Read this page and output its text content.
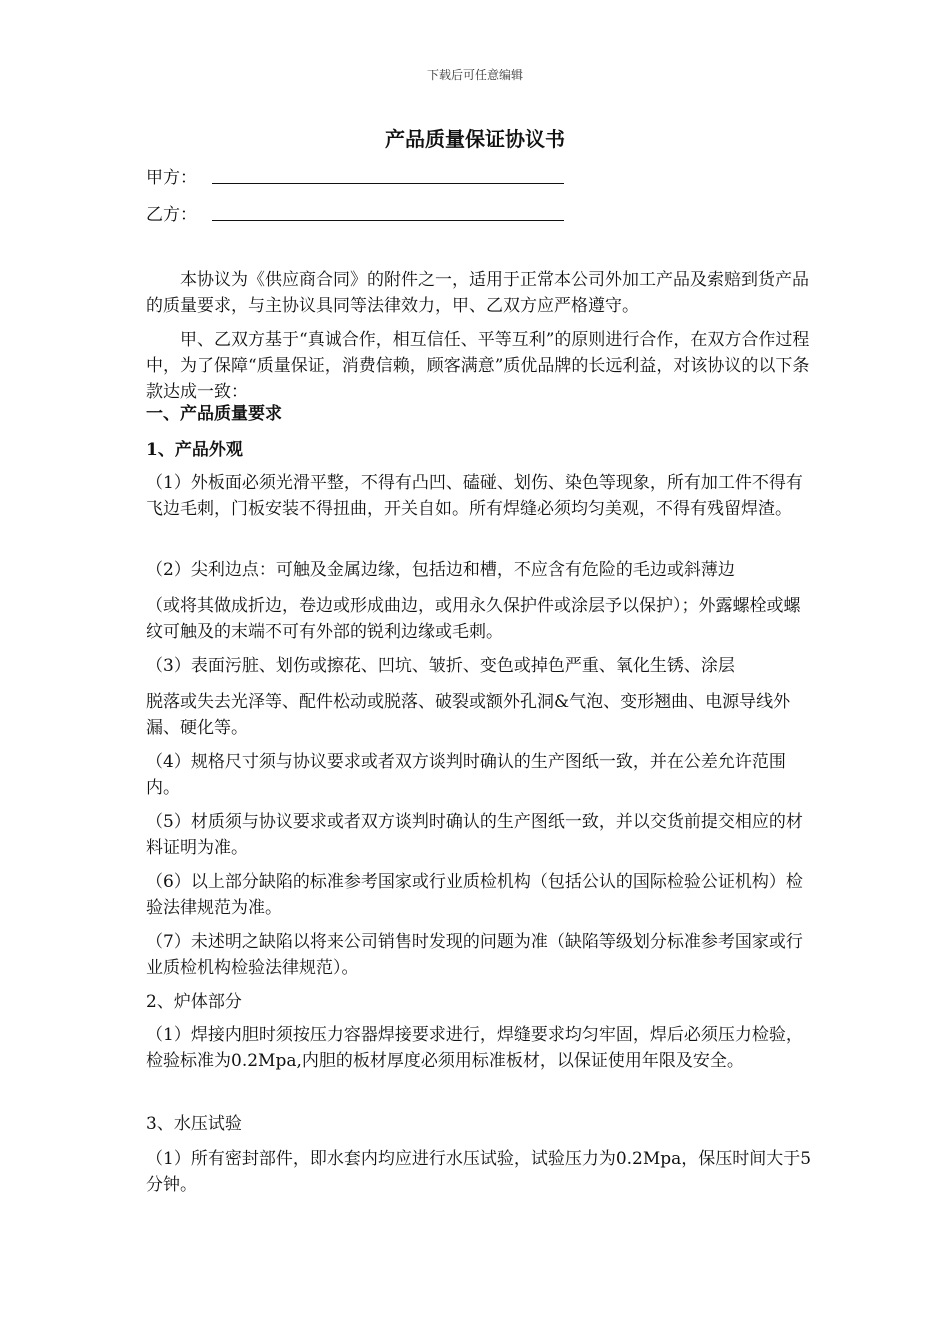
下载后可任意编辑
产品质量保证协议书
甲方：
乙方：
本协议为《供应商合同》的附件之一，适用于正常本公司外加工产品及索赔到货产品的质量要求，与主协议具同等法律效力，甲、乙双方应严格遵守。
甲、乙双方基于“真诚合作，相互信任、平等互利”的原则进行合作，在双方合作过程中，为了保障“质量保证，消费信赖，顾客满意”质优品牌的长远利益，对该协议的以下条款达成一致：
一、产品质量要求
1、产品外观
（1）外板面必须光滑平整，不得有凸凹、磕碰、划伤、染色等现象，所有加工件不得有飞边毛刺，门板安装不得扭曲，开关自如。所有焊缝必须均匀美观，不得有残留焊渣。
（2）尖利边点：可触及金属边缘，包括边和槽，不应含有危险的毛边或斜薄边
（或将其做成折边，卷边或形成曲边，或用永久保护件或涂层予以保护）；外露螺栓或螺纹可触及的末端不可有外部的锐利边缘或毛刺。
（3）表面污脏、划伤或擦花、凹坑、皱折、变色或掉色严重、氧化生锈、涂层
脱落或失去光泽等、配件松动或脱落、破裂或额外孔洞&气泡、变形翘曲、电源导线外漏、硬化等。
（4）规格尺寸须与协议要求或者双方谈判时确认的生产图纸一致，并在公差允许范围内。
（5）材质须与协议要求或者双方谈判时确认的生产图纸一致，并以交货前提交相应的材料证明为准。
（6）以上部分缺陷的标准参考国家或行业质检机构（包括公认的国际检验公证机构）检验法律规范为准。
（7）未述明之缺陷以将来公司销售时发现的问题为准（缺陷等级划分标准参考国家或行业质检机构检验法律规范）。
2、炉体部分
（1）焊接内胆时须按压力容器焊接要求进行，焊缝要求均匀牢固，焊后必须压力检验，检验标准为0.2Mpa,内胆的板材厚度必须用标准板材，以保证使用年限及安全。
3、水压试验
（1）所有密封部件，即水套内均应进行水压试验，试验压力为0.2Mpa，保压时间大于5分钟。
